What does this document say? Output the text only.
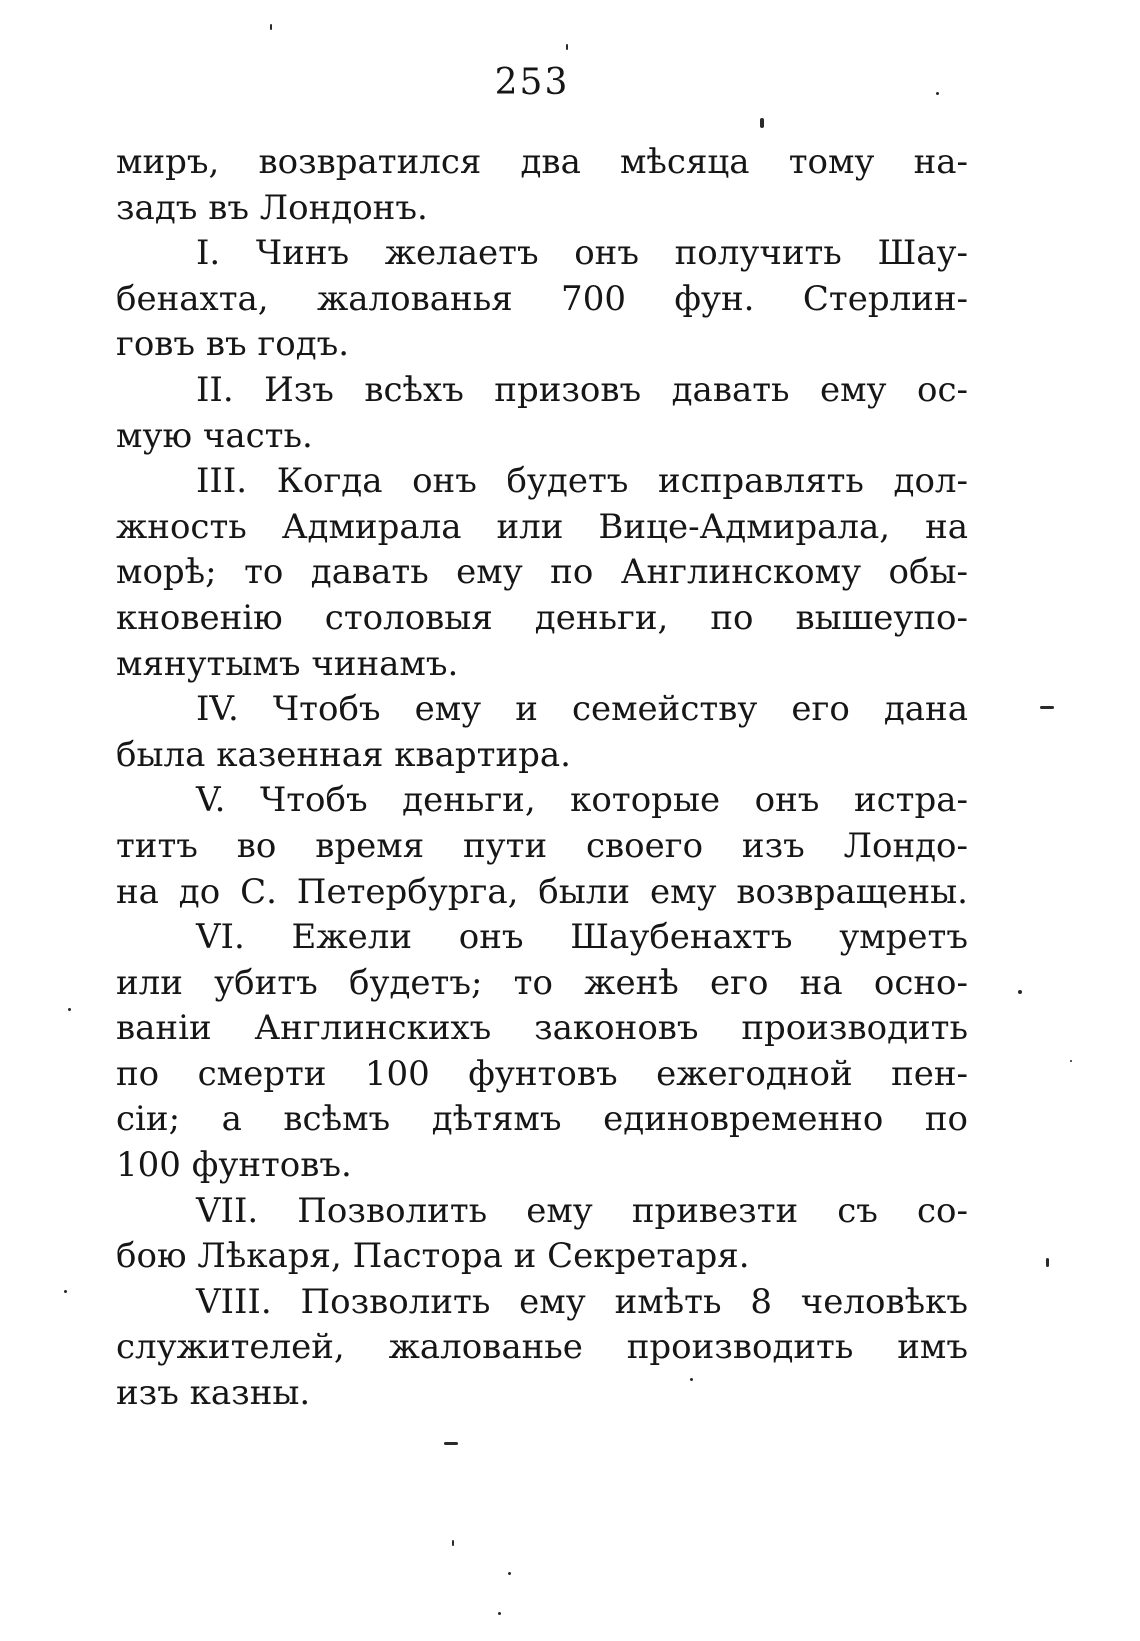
253
миръ, возвратился два мѣсяца тому на-
задъ въ Лондонъ.
I. Чинъ желаетъ онъ получить Шау-
бенахта, жалованья 700 фун. Стерлин-
говъ въ годъ.
II. Изъ всѣхъ призовъ давать ему ос-
мую часть.
III. Когда онъ будетъ исправлять дол-
жность Адмирала или Вице-Адмирала, на
морѣ; то давать ему по Англинскому обы-
кновенiю столовыя деньги, по вышеупо-
мянутымъ чинамъ.
IV. Чтобъ ему и семейству его дана
была казенная квартира.
V. Чтобъ деньги, которые онъ истра-
титъ во время пути своего изъ Лондо-
на до С. Петербурга, были ему возвращены.
VI. Ежели онъ Шаубенахтъ умретъ
или убитъ будетъ; то женѣ его на осно-
ванiи Англинскихъ законовъ производить
по смерти 100 фунтовъ ежегодной пен-
сiи; а всѣмъ дѣтямъ единовременно по
100 фунтовъ.
VII. Позволить ему привезти съ со-
бою Лѣкаря, Пастора и Секретаря.
VIII. Позволить ему имѣть 8 человѣкъ
служителей, жалованье производить имъ
изъ казны.
